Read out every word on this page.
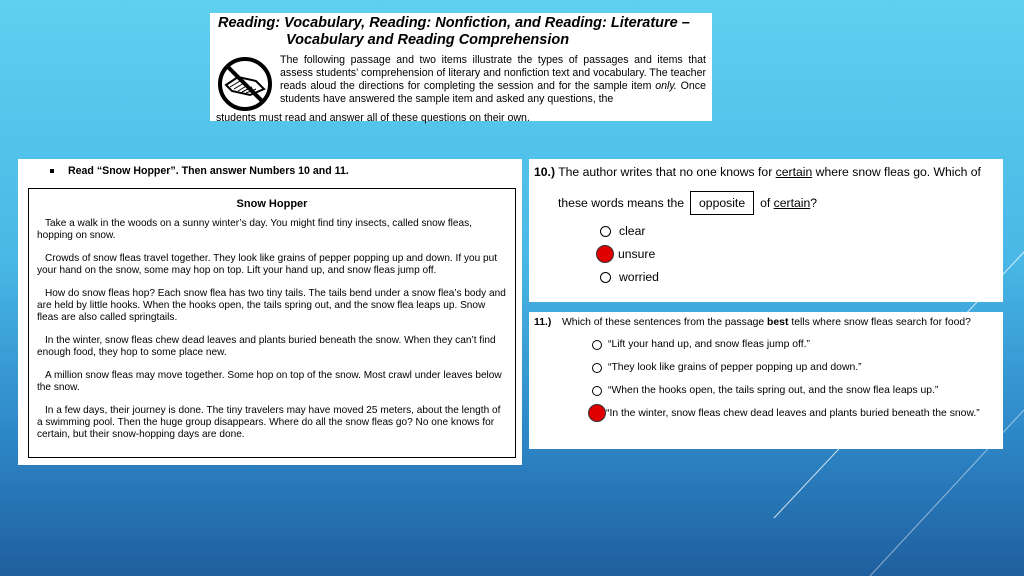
Reading: Vocabulary, Reading: Nonfiction, and Reading: Literature –
Vocabulary and Reading Comprehension
The following passage and two items illustrate the types of passages and items that assess students’ comprehension of literary and nonfiction text and vocabulary. The teacher reads aloud the directions for completing the session and for the sample item only. Once students have answered the sample item and asked any questions, the
students must read and answer all of these questions on their own.
Read “Snow Hopper”. Then answer Numbers 10 and 11.
Snow Hopper
Take a walk in the woods on a sunny winter’s day. You might find tiny insects, called snow fleas, hopping on snow.
Crowds of snow fleas travel together. They look like grains of pepper popping up and down. If you put your hand on the snow, some may hop on top. Lift your hand up, and snow fleas jump off.
How do snow fleas hop? Each snow flea has two tiny tails. The tails bend under a snow flea’s body and are held by little hooks. When the hooks open, the tails spring out, and the snow flea leaps up. Snow fleas are also called springtails.
In the winter, snow fleas chew dead leaves and plants buried beneath the snow. When they can’t find enough food, they hop to some place new.
A million snow fleas may move together. Some hop on top of the snow. Most crawl under leaves below the snow.
In a few days, their journey is done. The tiny travelers may have moved 25 meters, about the length of a swimming pool. Then the huge group disappears. Where do all the snow fleas go? No one knows for certain, but their snow-hopping days are done.
10.) The author writes that no one knows for certain where snow fleas go. Which of
these words means the	opposite	of
certain ?
clear
unsure
worried
11.)	Which of these sentences from the passage best tells where snow fleas search for food?
“Lift your hand up, and snow fleas jump off.”
“They look like grains of pepper popping up and down.”
“When the hooks open, the tails spring out, and the snow flea leaps up.”
“In the winter, snow fleas chew dead leaves and plants buried beneath the snow.”
